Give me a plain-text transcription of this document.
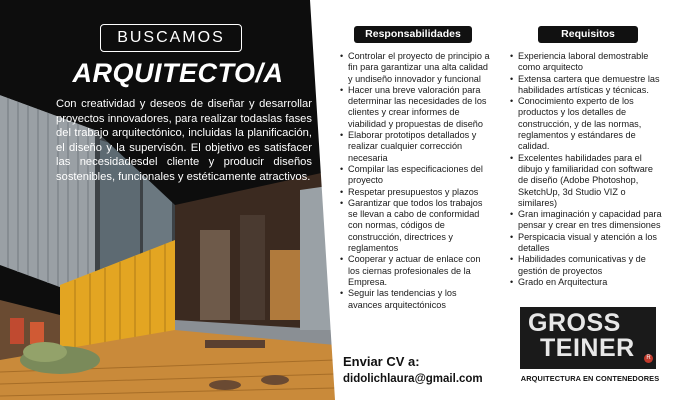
BUSCAMOS
ARQUITECTO/A
Con creatividad y deseos de diseñar y desarrollar proyectos innovadores, para realizar todaslas fases del trabajo arquitectónico, incluidas la planificación, el diseño y la supervisón. El objetivo es satisfacer las necesidadesdel cliente y producir diseños sostenibles, funcionales y estéticamente atractivos.
Responsabilidades
• Controlar el proyecto de principio a fin para garantizar una alta calidad y undiseño innovador y funcional
• Hacer una breve valoración para determinar las necesidades de los clientes y crear informes de viabilidad y propuestas de diseño
• Elaborar prototipos detallados y realizar cualquier corrección necesaria
• Compilar las especificaciones del proyecto
• Respetar presupuestos y plazos
• Garantizar que todos los trabajos se llevan a cabo de conformidad con normas, códigos de construcción, directrices y reglamentos
• Cooperar y actuar de enlace con los ciernas profesionales de la Empresa.
• Seguir las tendencias y los avances arquitectónicos
Requisitos
• Experiencia laboral demostrable como arquitecto
• Extensa cartera que demuestre las habilidades artísticas y técnicas.
• Conocimiento experto de los productos y los detalles de construcción, y de las normas, reglamentos y estándares de calidad.
• Excelentes habilidades para el dibujo y familiaridad con software de diseño (Adobe Photoshop, SketchUp, 3d Studio VIZ o similares)
• Gran imaginación y capacidad para pensar y crear en tres dimensiones
• Perspicacia visual y atención a los detalles
• Habilidades comunicativas y de gestión de proyectos
• Grado en Arquitectura
Enviar CV a:
didolichlaura@gmail.com
GROSS
TEINER	R
ARQUITECTURA EN CONTENEDORES
